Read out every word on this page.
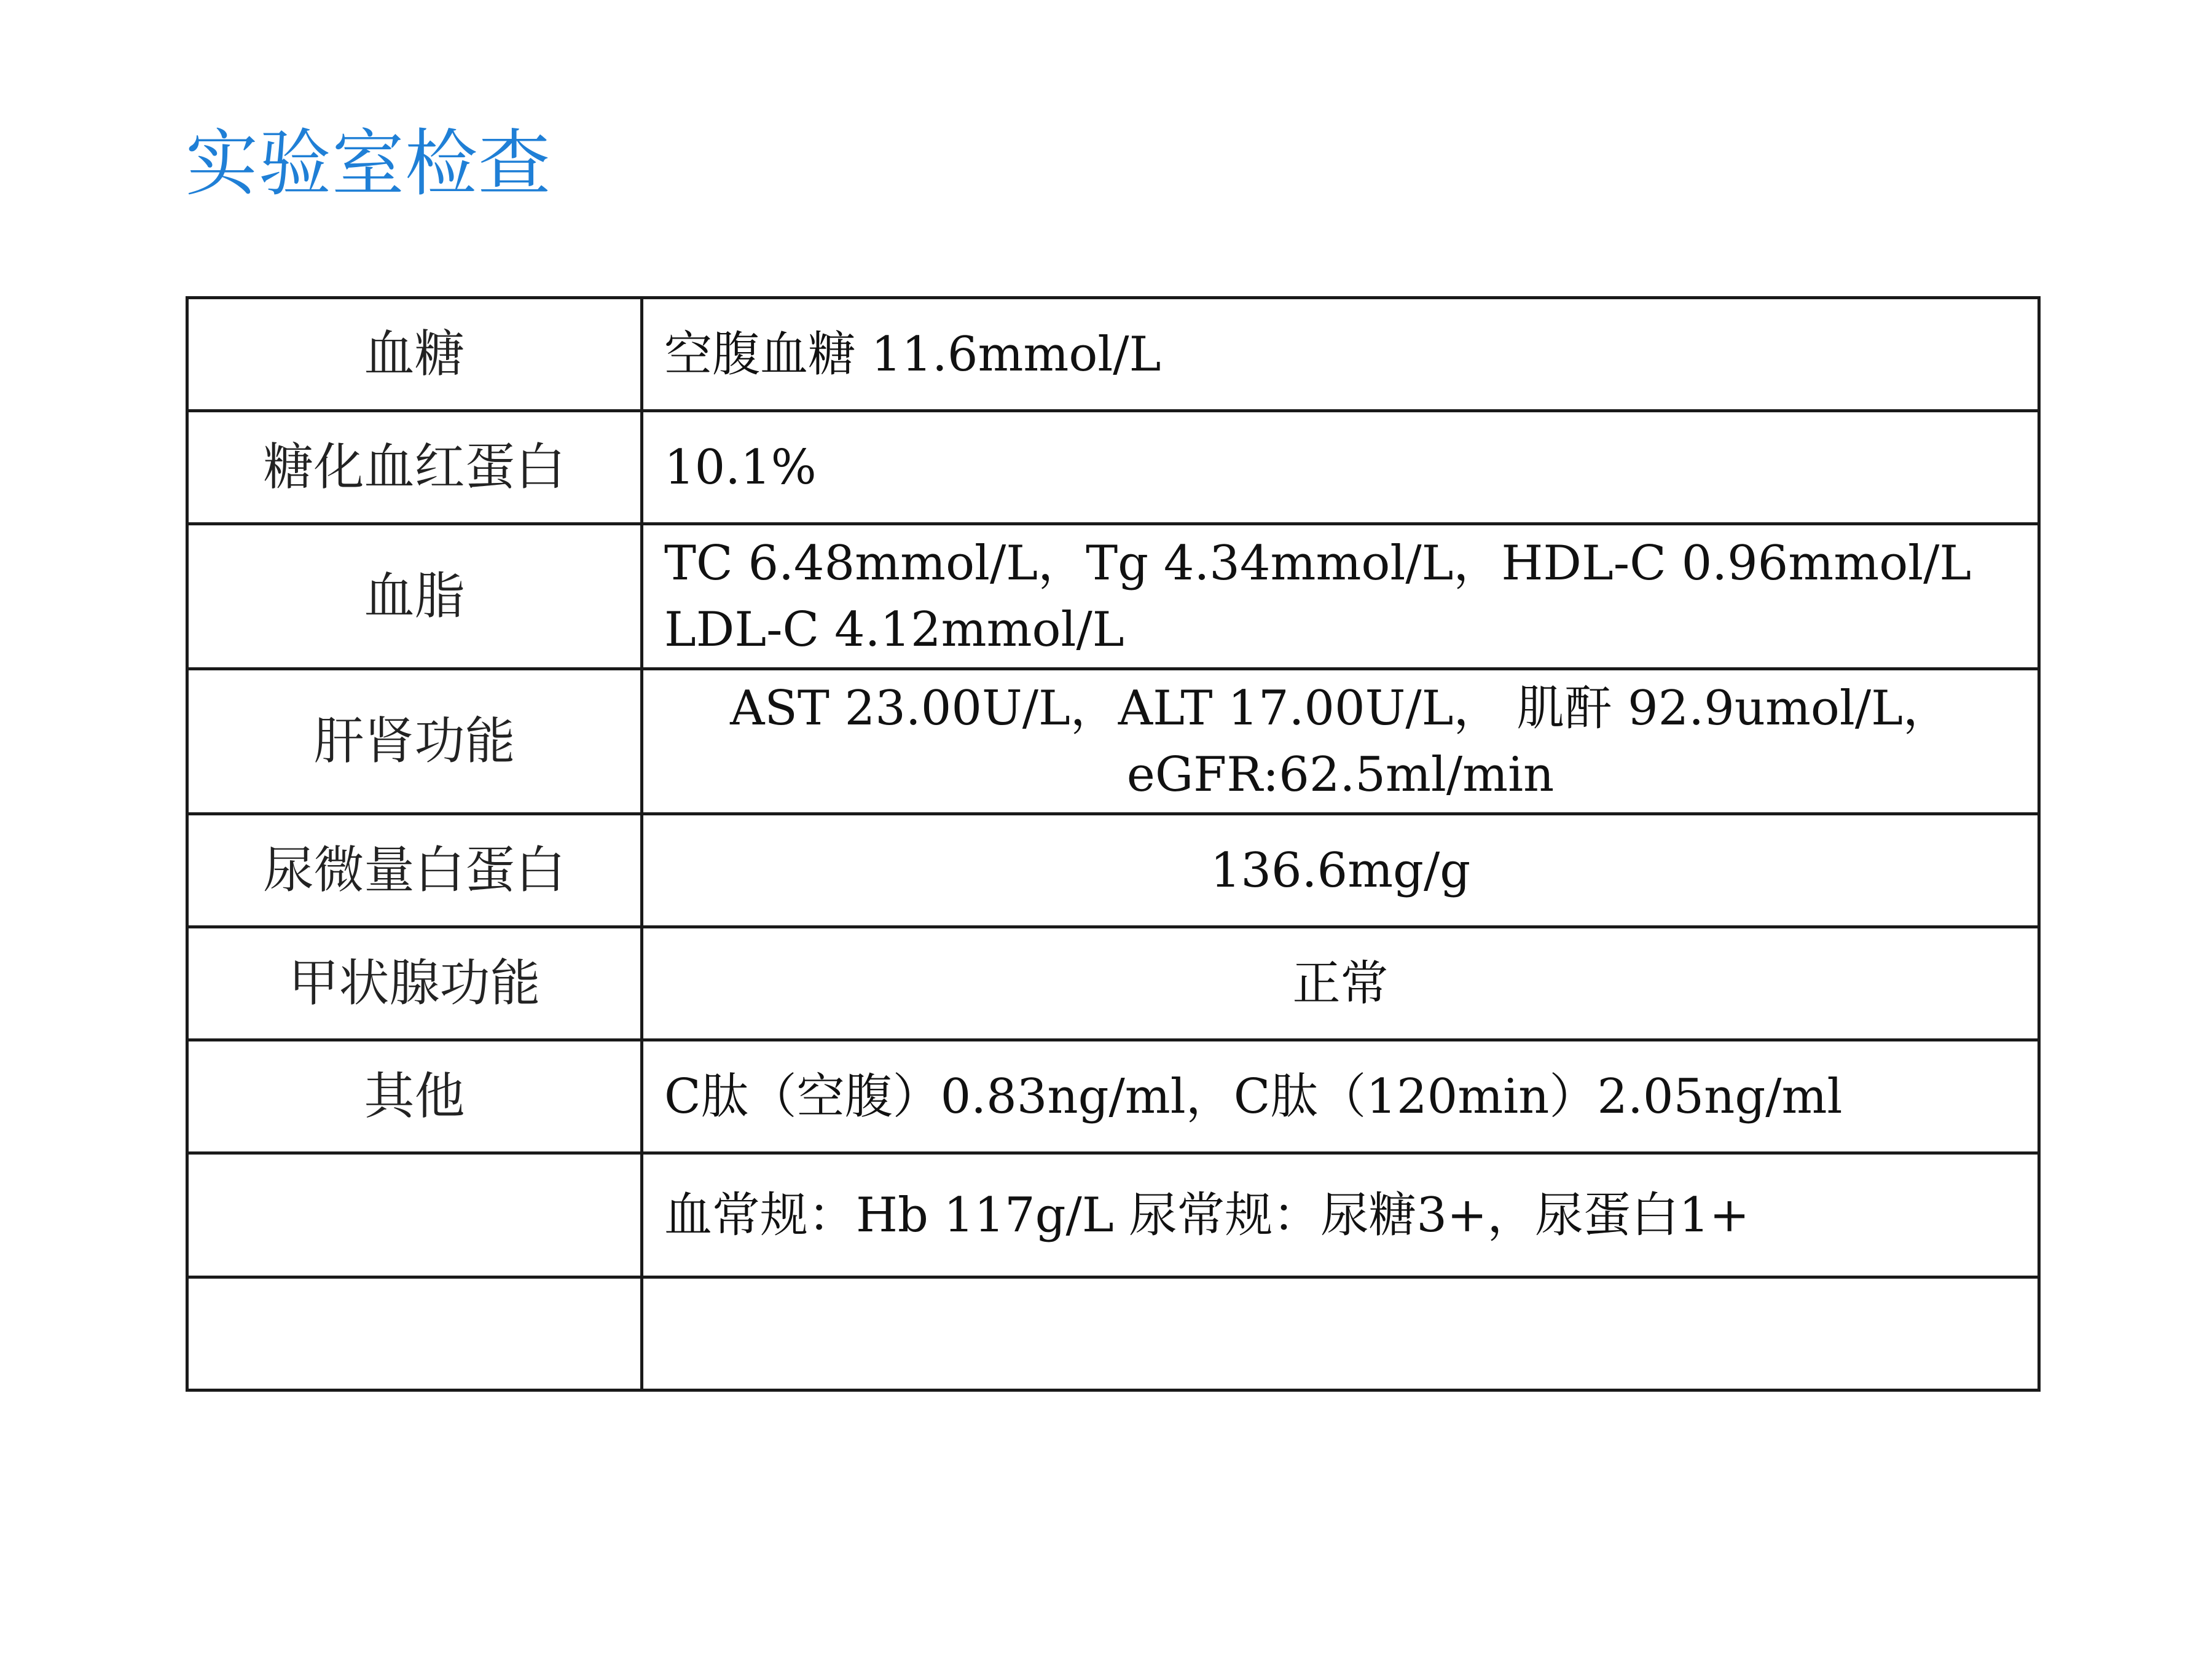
实验室检查
血糖	空腹血糖 11.6mmol/L

糖化血红蛋白	10.1%

血脂	TC 6.48mmol/L，Tg 4.34mmol/L，HDL-C 0.96mmol/L
LDL-C 4.12mmol/L

肝肾功能	AST 23.00U/L，ALT 17.00U/L， 肌酐 92.9umol/L，
eGFR:62.5ml/min

尿微量白蛋白	136.6mg/g

甲状腺功能	正常

其他	C肽（空腹）0.83ng/ml，C肽（120min）2.05ng/ml

	血常规：Hb 117g/L 尿常规：尿糖3+，尿蛋白1+
